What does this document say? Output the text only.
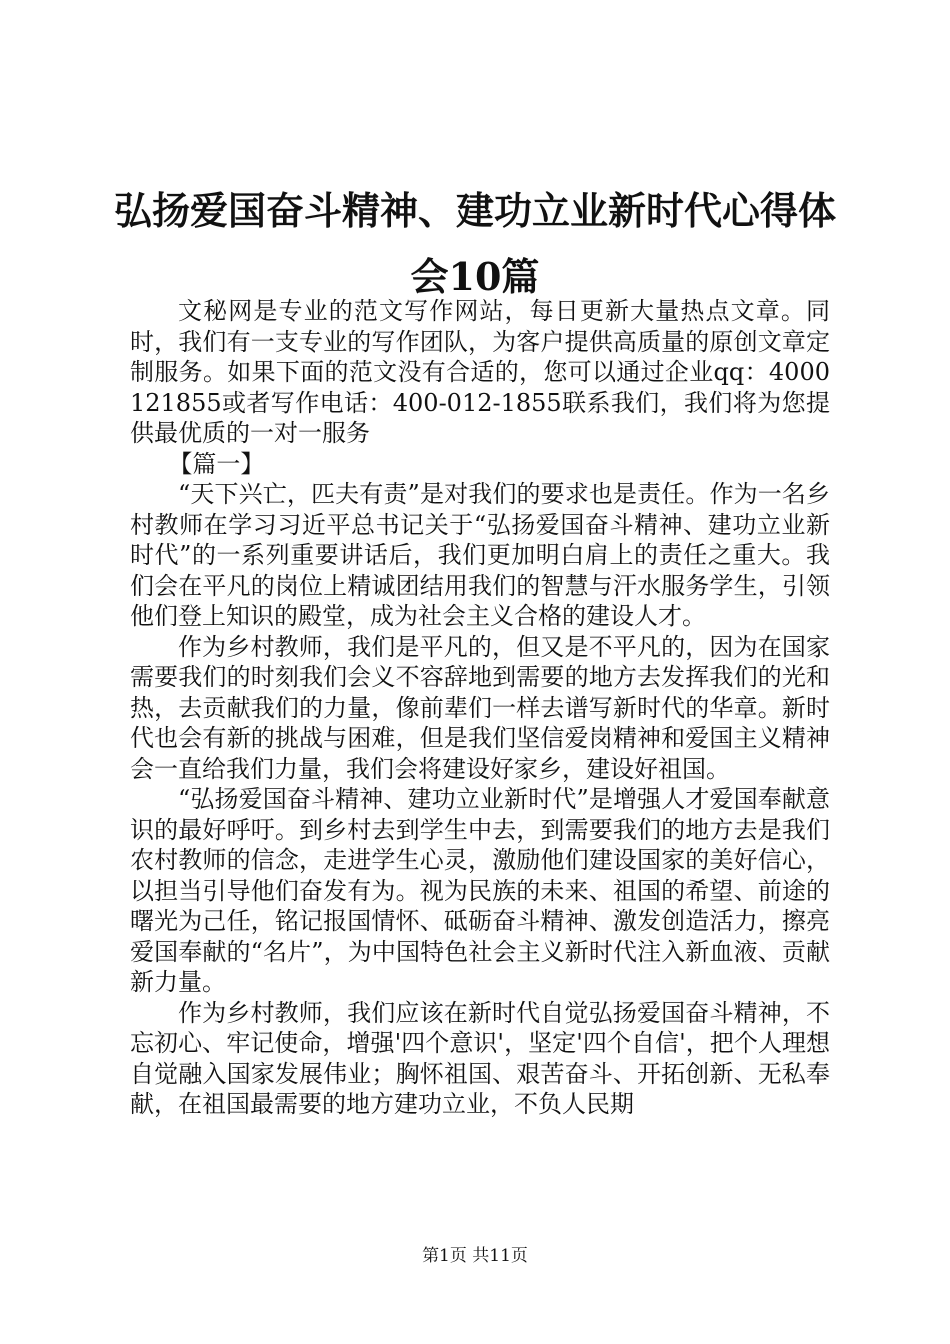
弘扬爱国奋斗精神、建功立业新时代心得体会10篇

文秘网是专业的范文写作网站，每日更新大量热点文章。同时，我们有一支专业的写作团队，为客户提供高质量的原创文章定制服务。如果下面的范文没有合适的，您可以通过企业qq：4000121855或者写作电话：400-012-1855联系我们，我们将为您提供最优质的一对一服务

【篇一】

“天下兴亡，匹夫有责”是对我们的要求也是责任。作为一名乡村教师在学习习近平总书记关于“弘扬爱国奋斗精神、建功立业新时代”的一系列重要讲话后，我们更加明白肩上的责任之重大。我们会在平凡的岗位上精诚团结用我们的智慧与汗水服务学生，引领他们登上知识的殿堂，成为社会主义合格的建设人才。

作为乡村教师，我们是平凡的，但又是不平凡的，因为在国家需要我们的时刻我们会义不容辞地到需要的地方去发挥我们的光和热，去贡献我们的力量，像前辈们一样去谱写新时代的华章。新时代也会有新的挑战与困难，但是我们坚信爱岗精神和爱国主义精神会一直给我们力量，我们会将建设好家乡，建设好祖国。

“弘扬爱国奋斗精神、建功立业新时代”是增强人才爱国奉献意识的最好呼吁。到乡村去到学生中去，到需要我们的地方去是我们农村教师的信念，走进学生心灵，激励他们建设国家的美好信心，以担当引导他们奋发有为。视为民族的未来、祖国的希望、前途的曙光为己任，铭记报国情怀、砥砺奋斗精神、激发创造活力，擦亮爱国奉献的“名片”，为中国特色社会主义新时代注入新血液、贡献新力量。

作为乡村教师，我们应该在新时代自觉弘扬爱国奋斗精神，不忘初心、牢记使命，增强'四个意识'，坚定'四个自信'，把个人理想自觉融入国家发展伟业；胸怀祖国、艰苦奋斗、开拓创新、无私奉献，在祖国最需要的地方建功立业，不负人民期

第1页 共11页
